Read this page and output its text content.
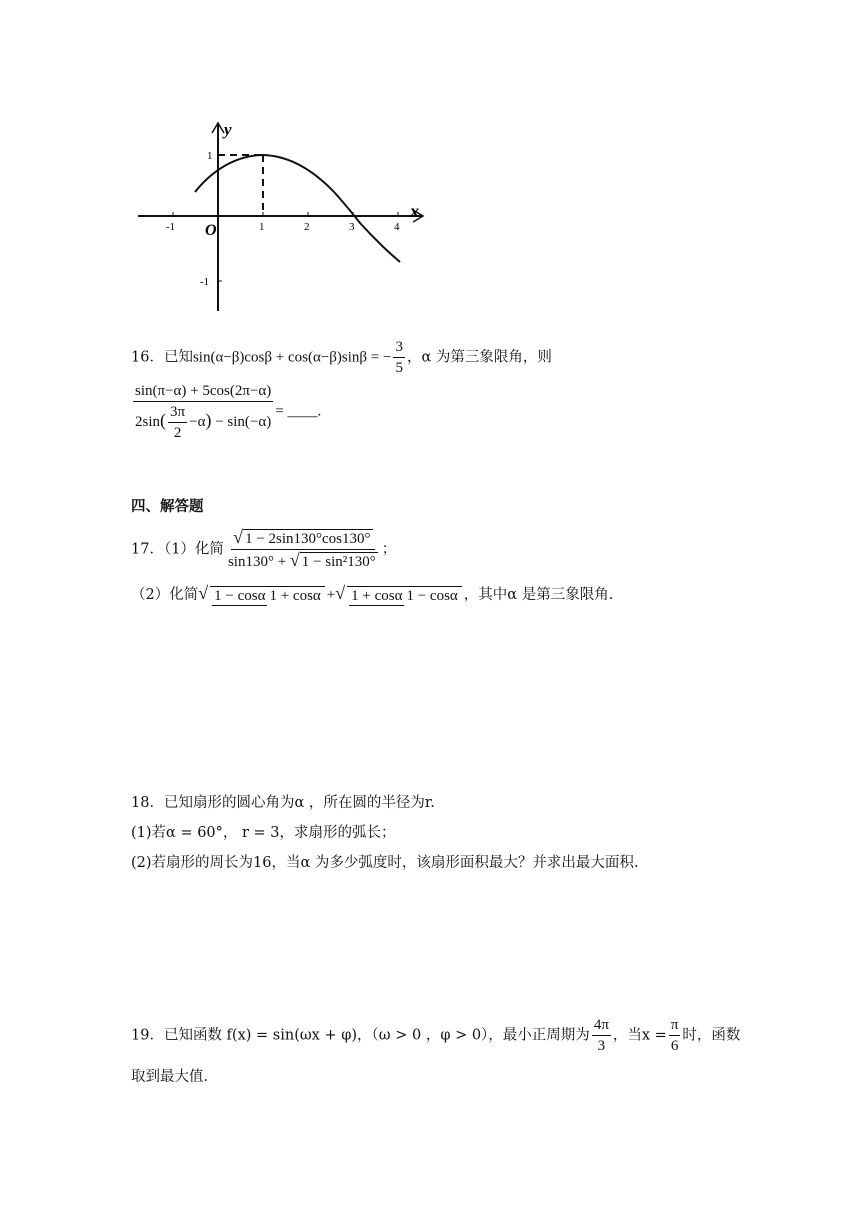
y
x
O
-1	1	2	3	4
1
-1
16．已知sin(α−β)cosβ + cos(α−β)sinβ = − $\frac{3}{5}$ ，α 为第三象限角，则
$\frac{\sin(\pi-\alpha) + 5\cos(2\pi-\alpha)}{2\sin( \frac{3\pi}{2} -\alpha) - \sin(-\alpha)}$ = ____.
四、解答题
17．（1）化简 $\frac{√ 1 - 2\sin 130^\circ\cos 130^\circ}{\text{sin130° + √ 1 − sin²130°}}$ ；
（2）化简√ 1 − cosα 1 + cosα +√ 1 + cosα 1 − cosα ，其中α 是第三象限角.
18．已知扇形的圆心角为α ，所在圆的半径为r.
(1)若α = 60°， r = 3，求扇形的弧长；
(2)若扇形的周长为16，当α 为多少弧度时，该扇形面积最大？并求出最大面积.
19．已知函数 f(x) = sin(ωx + φ)，（ω > 0 ，φ > 0），最小正周期为 $\frac{4\pi}{3}$ ，当$x = \frac{\pi}{6}$ 时，函数
取到最大值.
